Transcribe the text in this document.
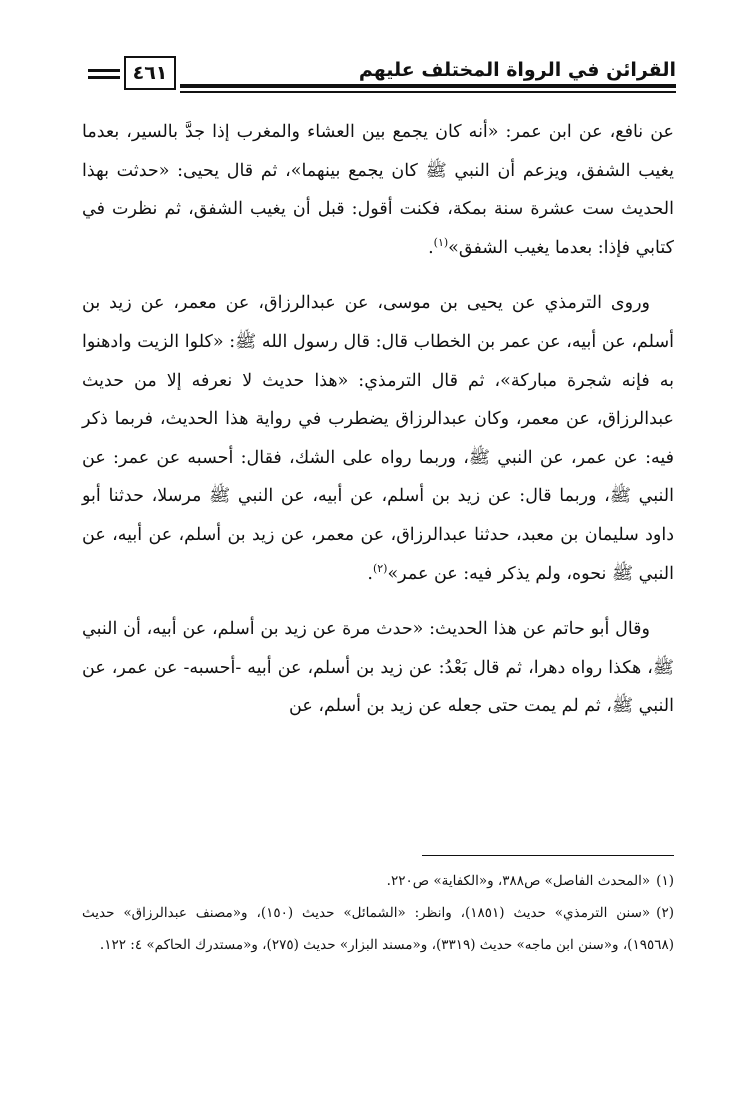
٤٦١	القرائن في الرواة المختلف عليهم

عن نافع، عن ابن عمر: «أنه كان يجمع بين العشاء والمغرب إذا جدَّ بالسير، بعدما يغيب الشفق، ويزعم أن النبي ﷺ كان يجمع بينهما»، ثم قال يحيى: «حدثت بهذا الحديث ست عشرة سنة بمكة، فكنت أقول: قبل أن يغيب الشفق، ثم نظرت في كتابي فإذا: بعدما يغيب الشفق»$^{(١)}$.

وروى الترمذي عن يحيى بن موسى، عن عبدالرزاق، عن معمر، عن زيد بن أسلم، عن أبيه، عن عمر بن الخطاب قال: قال رسول الله ﷺ: «كلوا الزيت وادهنوا به فإنه شجرة مباركة»، ثم قال الترمذي: «هذا حديث لا نعرفه إلا من حديث عبدالرزاق، عن معمر، وكان عبدالرزاق يضطرب في رواية هذا الحديث، فربما ذكر فيه: عن عمر، عن النبي ﷺ، وربما رواه على الشك، فقال: أحسبه عن عمر: عن النبي ﷺ، وربما قال: عن زيد بن أسلم، عن أبيه، عن النبي ﷺ مرسلا، حدثنا أبو داود سليمان بن معبد، حدثنا عبدالرزاق، عن معمر، عن زيد بن أسلم، عن أبيه، عن النبي ﷺ نحوه، ولم يذكر فيه: عن عمر»$^{(٢)}$.

وقال أبو حاتم عن هذا الحديث: «حدث مرة عن زيد بن أسلم، عن أبيه، أن النبي ﷺ، هكذا رواه دهرا، ثم قال بَعْدُ: عن زيد بن أسلم، عن أبيه -أحسبه- عن عمر، عن النبي ﷺ، ثم لم يمت حتى جعله عن زيد بن أسلم، عن

(١)«المحدث الفاصل» ص٣٨٨، و«الكفاية» ص٢٢٠.

(٢)«سنن الترمذي» حديث (١٨٥١)، وانظر: «الشمائل» حديث (١٥٠)، و«مصنف عبدالرزاق» حديث (١٩٥٦٨)، و«سنن ابن ماجه» حديث (٣٣١٩)، و«مسند البزار» حديث (٢٧٥)، و«مستدرك الحاكم» ٤: ١٢٢.
